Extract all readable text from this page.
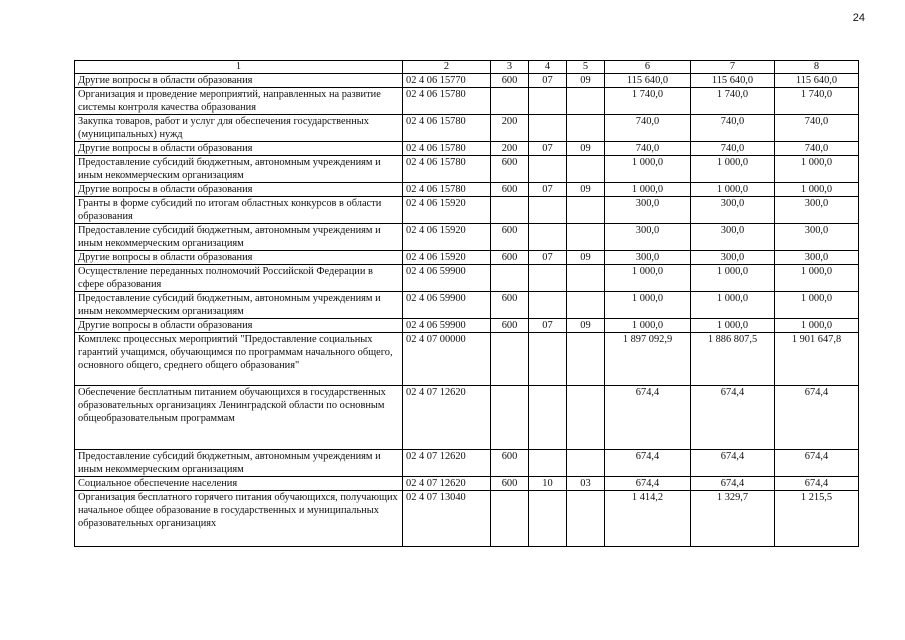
24
1	2	3	4	5	6	7	8
Другие вопросы в области образования	02 4 06 15770	600	07	09	115 640,0	115 640,0	115 640,0
Организация и проведение мероприятий, направленных на развитие системы контроля качества образования	02 4 06 15780				1 740,0	1 740,0	1 740,0
Закупка товаров, работ и услуг для обеспечения государственных (муниципальных) нужд	02 4 06 15780	200			740,0	740,0	740,0
Другие вопросы в области образования	02 4 06 15780	200	07	09	740,0	740,0	740,0
Предоставление субсидий бюджетным, автономным учреждениям и иным некоммерческим организациям	02 4 06 15780	600			1 000,0	1 000,0	1 000,0
Другие вопросы в области образования	02 4 06 15780	600	07	09	1 000,0	1 000,0	1 000,0
Гранты в форме субсидий по итогам областных конкурсов в области образования	02 4 06 15920				300,0	300,0	300,0
Предоставление субсидий бюджетным, автономным учреждениям и иным некоммерческим организациям	02 4 06 15920	600			300,0	300,0	300,0
Другие вопросы в области образования	02 4 06 15920	600	07	09	300,0	300,0	300,0
Осуществление переданных полномочий Российской Федерации в сфере образования	02 4 06 59900				1 000,0	1 000,0	1 000,0
Предоставление субсидий бюджетным, автономным учреждениям и иным некоммерческим организациям	02 4 06 59900	600			1 000,0	1 000,0	1 000,0
Другие вопросы в области образования	02 4 06 59900	600	07	09	1 000,0	1 000,0	1 000,0
Комплекс процессных мероприятий "Предоставление социальных гарантий учащимся, обучающимся по программам начального общего, основного общего, среднего общего образования"	02 4 07 00000				1 897 092,9	1 886 807,5	1 901 647,8
Обеспечение бесплатным питанием обучающихся в государственных образовательных организациях Ленинградской области по основным общеобразовательным программам	02 4 07 12620				674,4	674,4	674,4
Предоставление субсидий бюджетным, автономным учреждениям и иным некоммерческим организациям	02 4 07 12620	600			674,4	674,4	674,4
Социальное обеспечение населения	02 4 07 12620	600	10	03	674,4	674,4	674,4
Организация бесплатного горячего питания обучающихся, получающих начальное общее образование в государственных и муниципальных образовательных организациях	02 4 07 13040				1 414,2	1 329,7	1 215,5
